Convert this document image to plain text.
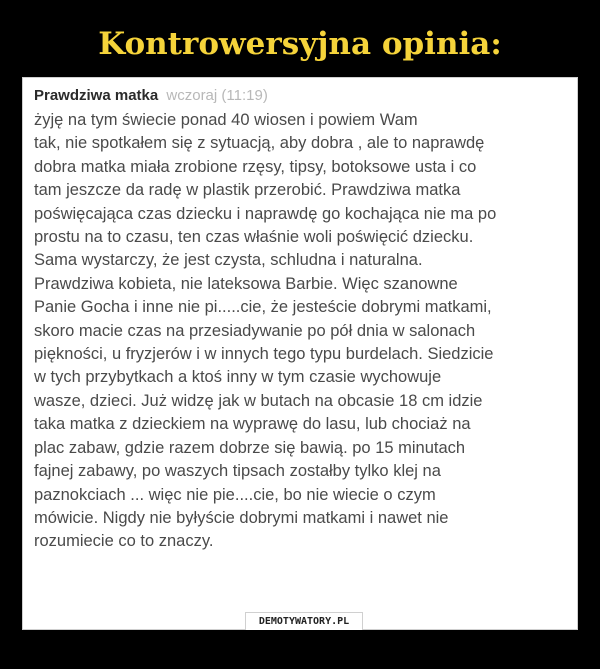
Kontrowersyjna opinia:
Prawdziwa matka wczoraj (11:19)
żyję na tym świecie ponad 40 wiosen i powiem Wam
tak, nie spotkałem się z sytuacją, aby dobra , ale to naprawdę
dobra matka miała zrobione rzęsy, tipsy, botoksowe usta i co
tam jeszcze da radę w plastik przerobić. Prawdziwa matka
poświęcająca czas dziecku i naprawdę go kochająca nie ma po
prostu na to czasu, ten czas właśnie woli poświęcić dziecku.
Sama wystarczy, że jest czysta, schludna i naturalna.
Prawdziwa kobieta, nie lateksowa Barbie. Więc szanowne
Panie Gocha i inne nie pi.....cie, że jesteście dobrymi matkami,
skoro macie czas na przesiadywanie po pół dnia w salonach
piękności, u fryzjerów i w innych tego typu burdelach. Siedzicie
w tych przybytkach a ktoś inny w tym czasie wychowuje
wasze, dzieci. Już widzę jak w butach na obcasie 18 cm idzie
taka matka z dzieckiem na wyprawę do lasu, lub chociaż na
plac zabaw, gdzie razem dobrze się bawią. po 15 minutach
fajnej zabawy, po waszych tipsach zostałby tylko klej na
paznokciach ... więc nie pie....cie, bo nie wiecie o czym
mówicie. Nigdy nie byłyście dobrymi matkami i nawet nie
rozumiecie co to znaczy.
DEMOTYWATORY.PL
